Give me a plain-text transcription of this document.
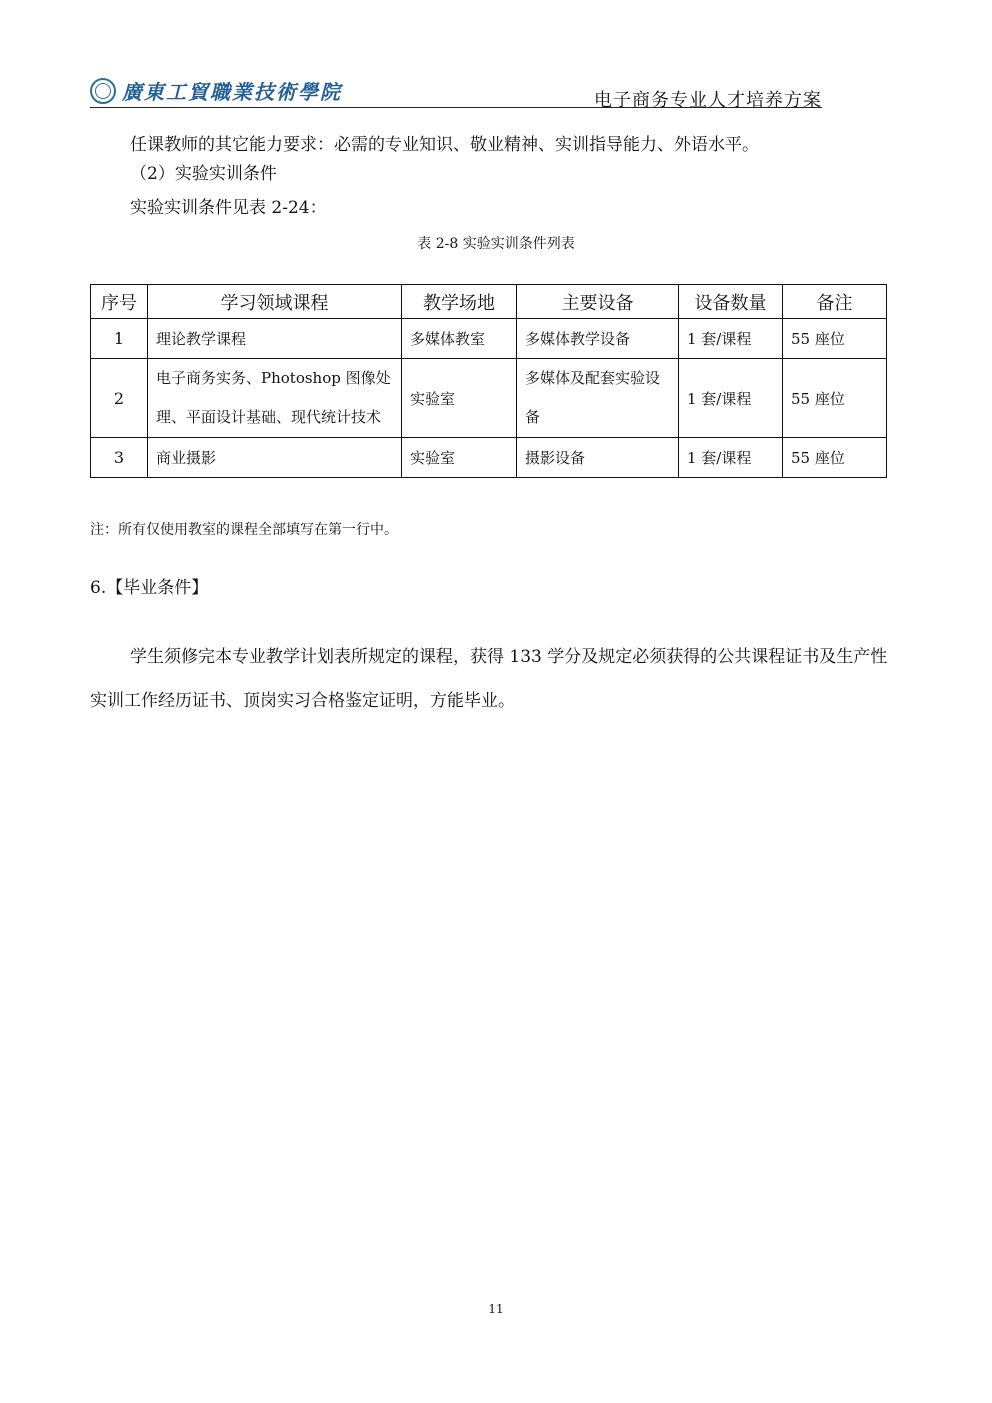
廣東工貿職業技術學院	电子商务专业人才培养方案
任课教师的其它能力要求：必需的专业知识、敬业精神、实训指导能力、外语水平。
（2）实验实训条件
实验实训条件见表 2-24：
表 2-8 实验实训条件列表
序号	学习领域课程	教学场地	主要设备	设备数量	备注
1	理论教学课程	多媒体教室	多媒体教学设备	1 套/课程	55 座位
2	电子商务实务、Photoshop 图像处理、平面设计基础、现代统计技术	实验室	多媒体及配套实验设备	1 套/课程	55 座位
3	商业摄影	实验室	摄影设备	1 套/课程	55 座位
注：所有仅使用教室的课程全部填写在第一行中。
6.【毕业条件】
学生须修完本专业教学计划表所规定的课程，获得 133 学分及规定必须获得的公共课程证书及生产性实训工作经历证书、顶岗实习合格鉴定证明，方能毕业。
11
